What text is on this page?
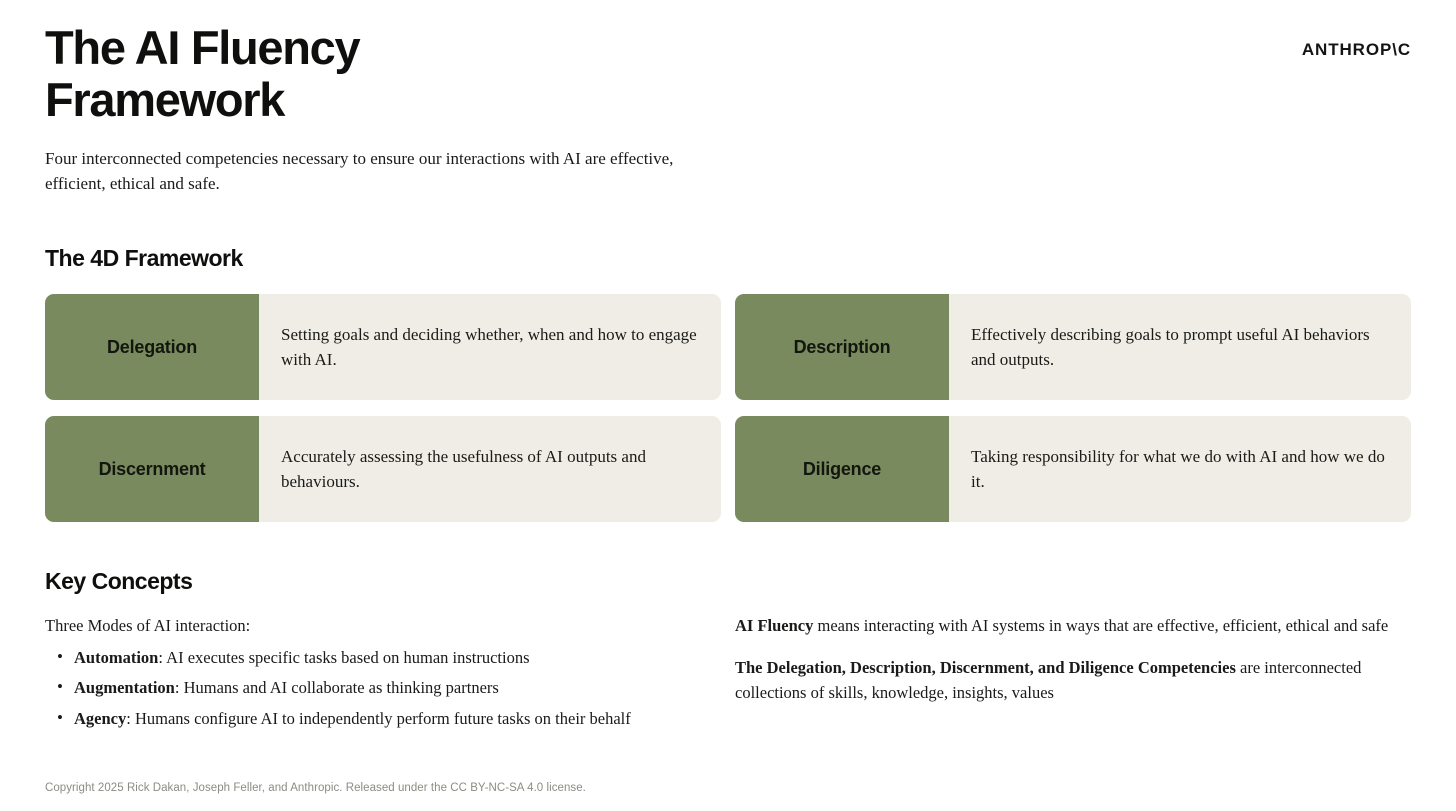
The AI Fluency Framework
ANTHROP\C

Four interconnected competencies necessary to ensure our interactions with AI are effective, efficient, ethical and safe.

The 4D Framework
Delegation
Setting goals and deciding whether, when and how to engage with AI.
Description
Effectively describing goals to prompt useful AI behaviors and outputs.
Discernment
Accurately assessing the usefulness of AI outputs and behaviours.
Diligence
Taking responsibility for what we do with AI and how we do it.
Key Concepts
Three Modes of AI interaction:
• Automation: AI executes specific tasks based on human instructions
• Augmentation: Humans and AI collaborate as thinking partners
• Agency: Humans configure AI to independently perform future tasks on their behalf

AI Fluency means interacting with AI systems in ways that are effective, efficient, ethical and safe

The Delegation, Description, Discernment, and Diligence Competencies are interconnected collections of skills, knowledge, insights, values

Copyright 2025 Rick Dakan, Joseph Feller, and Anthropic. Released under the CC BY-NC-SA 4.0 license.
